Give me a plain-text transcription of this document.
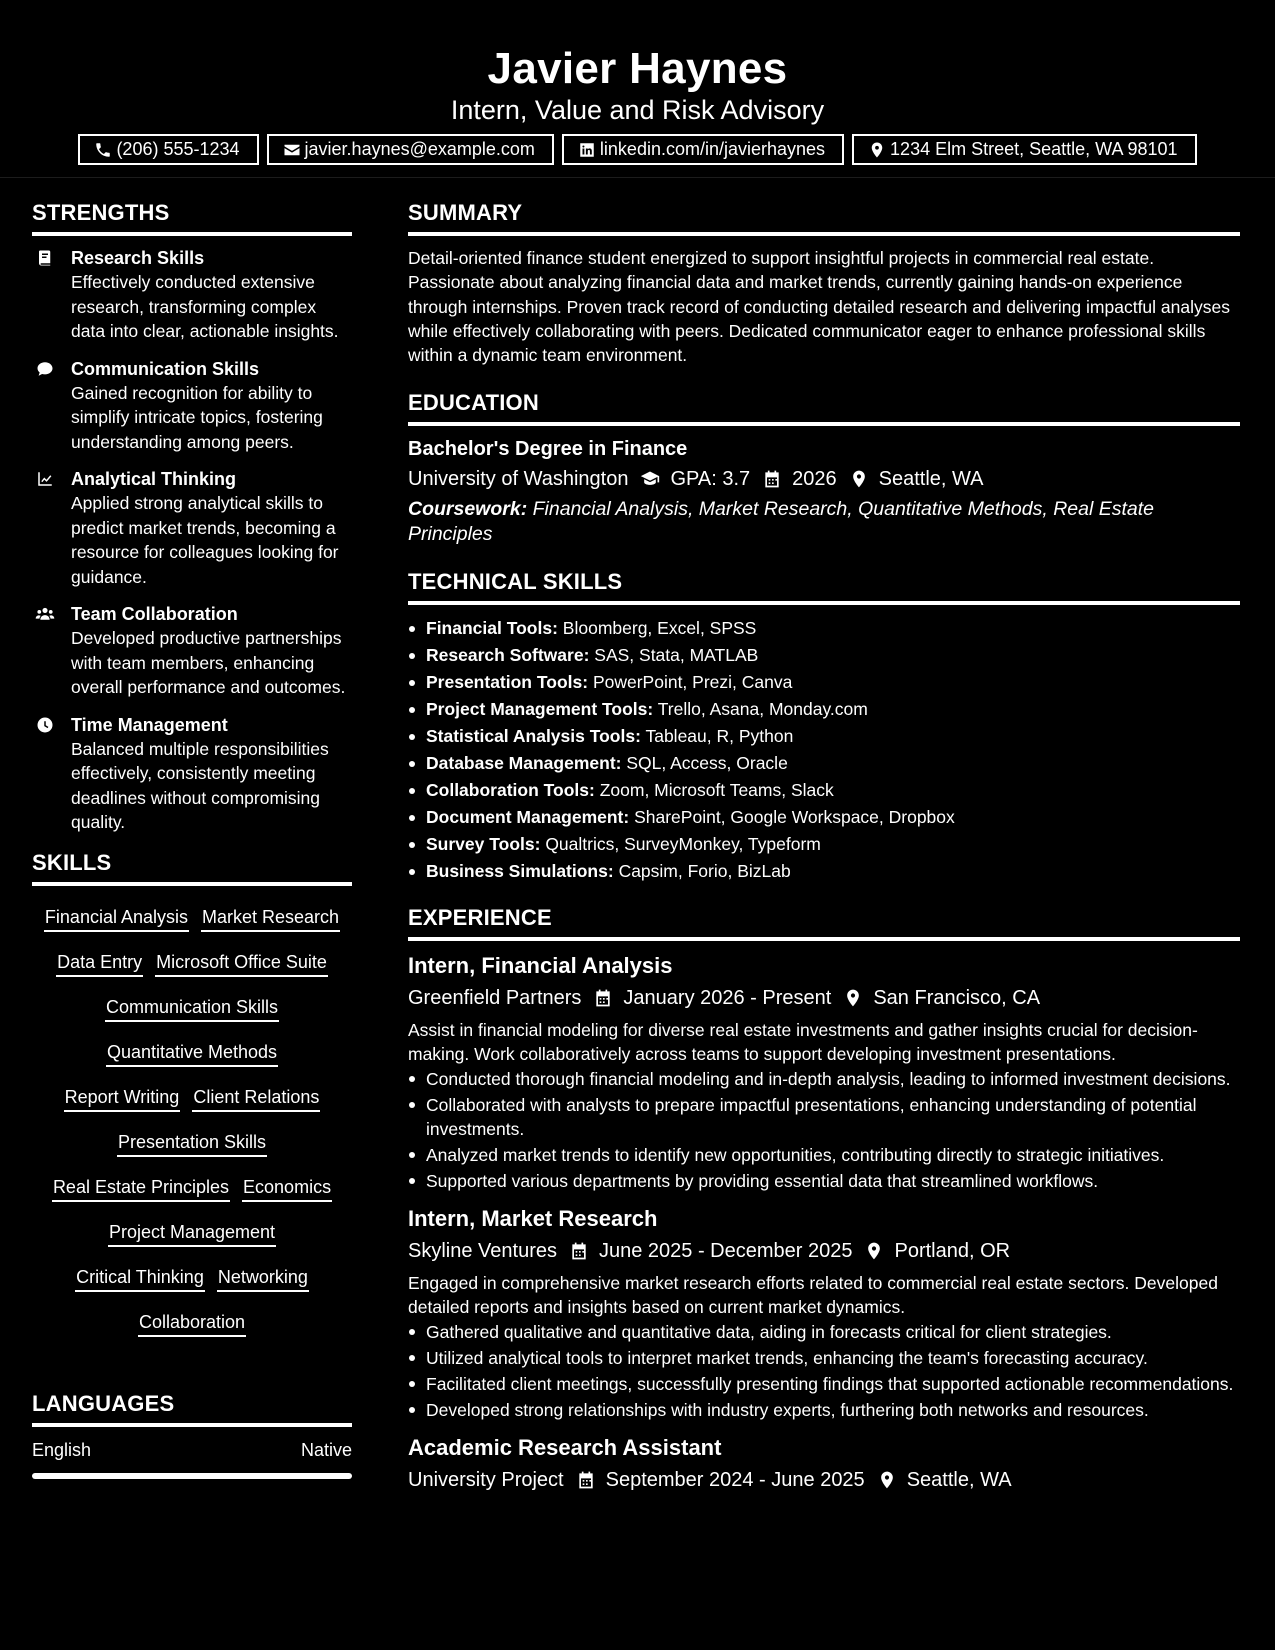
Javier Haynes
Intern, Value and Risk Advisory
(206) 555-1234	javier.haynes@example.com	linkedin.com/in/javierhaynes	1234 Elm Street, Seattle, WA 98101
STRENGTHS
Research Skills
Effectively conducted extensive research, transforming complex data into clear, actionable insights.
Communication Skills
Gained recognition for ability to simplify intricate topics, fostering understanding among peers.
Analytical Thinking
Applied strong analytical skills to predict market trends, becoming a resource for colleagues looking for guidance.
Team Collaboration
Developed productive partnerships with team members, enhancing overall performance and outcomes.
Time Management
Balanced multiple responsibilities effectively, consistently meeting deadlines without compromising quality.
SKILLS
Financial Analysis Market Research
Data Entry Microsoft Office Suite
Communication Skills
Quantitative Methods
Report Writing Client Relations
Presentation Skills
Real Estate Principles Economics
Project Management
Critical Thinking Networking
Collaboration
LANGUAGES
English	Native
SUMMARY
Detail-oriented finance student energized to support insightful projects in commercial real estate. Passionate about analyzing financial data and market trends, currently gaining hands-on experience through internships. Proven track record of conducting detailed research and delivering impactful analyses while effectively collaborating with peers. Dedicated communicator eager to enhance professional skills within a dynamic team environment.
EDUCATION
Bachelor's Degree in Finance
University of Washington GPA: 3.7 2026 Seattle, WA
Coursework: Financial Analysis, Market Research, Quantitative Methods, Real Estate Principles
TECHNICAL SKILLS
Financial Tools: Bloomberg, Excel, SPSS
Research Software: SAS, Stata, MATLAB
Presentation Tools: PowerPoint, Prezi, Canva
Project Management Tools: Trello, Asana, Monday.com
Statistical Analysis Tools: Tableau, R, Python
Database Management: SQL, Access, Oracle
Collaboration Tools: Zoom, Microsoft Teams, Slack
Document Management: SharePoint, Google Workspace, Dropbox
Survey Tools: Qualtrics, SurveyMonkey, Typeform
Business Simulations: Capsim, Forio, BizLab
EXPERIENCE
Intern, Financial Analysis
Greenfield Partners January 2026 - Present San Francisco, CA
Assist in financial modeling for diverse real estate investments and gather insights crucial for decision-making. Work collaboratively across teams to support developing investment presentations.
Conducted thorough financial modeling and in-depth analysis, leading to informed investment decisions.
Collaborated with analysts to prepare impactful presentations, enhancing understanding of potential investments.
Analyzed market trends to identify new opportunities, contributing directly to strategic initiatives.
Supported various departments by providing essential data that streamlined workflows.
Intern, Market Research
Skyline Ventures June 2025 - December 2025 Portland, OR
Engaged in comprehensive market research efforts related to commercial real estate sectors. Developed detailed reports and insights based on current market dynamics.
Gathered qualitative and quantitative data, aiding in forecasts critical for client strategies.
Utilized analytical tools to interpret market trends, enhancing the team's forecasting accuracy.
Facilitated client meetings, successfully presenting findings that supported actionable recommendations.
Developed strong relationships with industry experts, furthering both networks and resources.
Academic Research Assistant
University Project September 2024 - June 2025 Seattle, WA
